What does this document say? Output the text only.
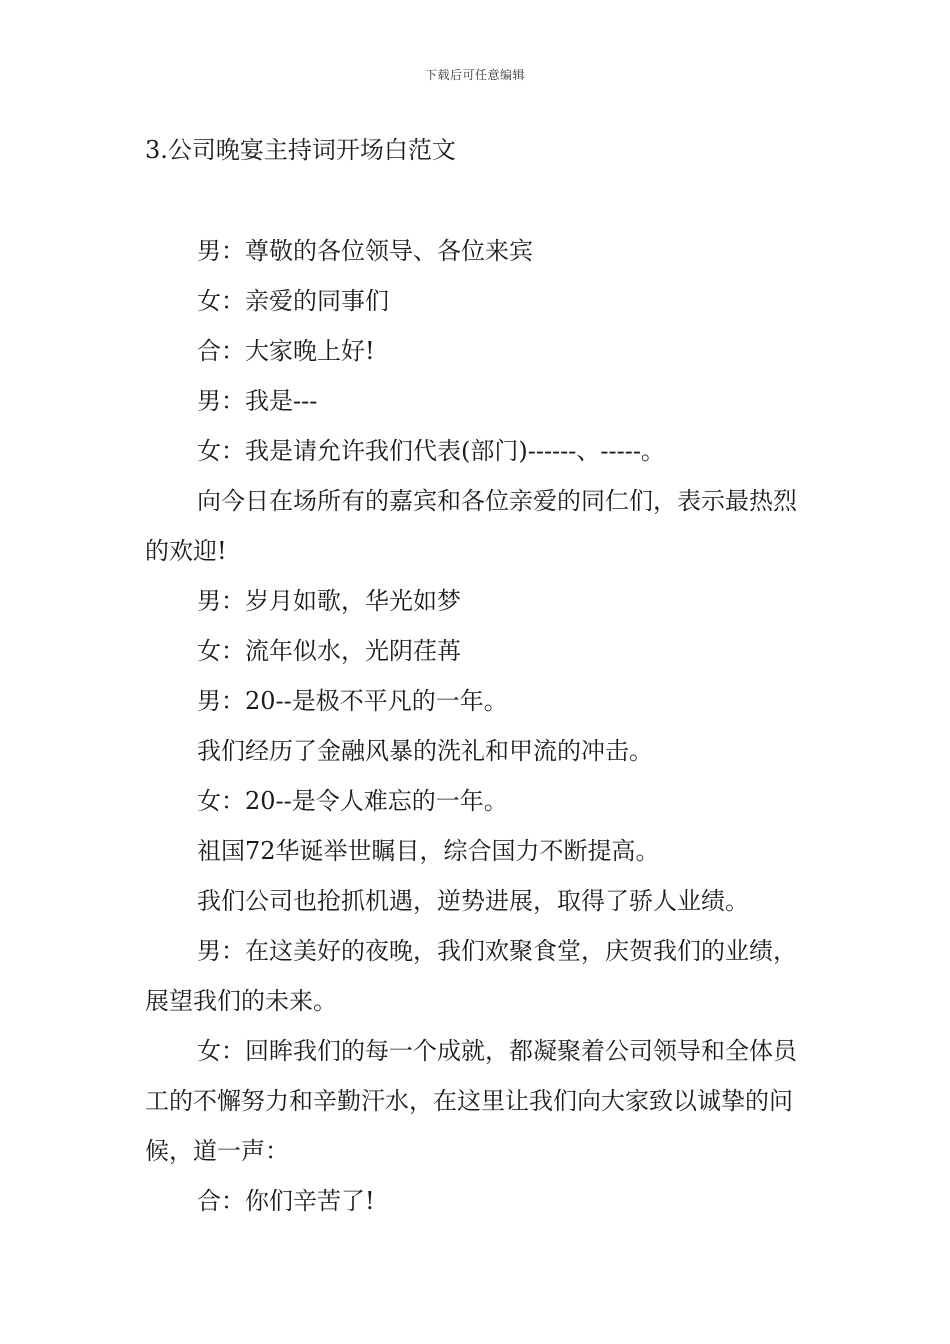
下载后可任意编辑
3.公司晚宴主持词开场白范文

男：尊敬的各位领导、各位来宾

女：亲爱的同事们

合：大家晚上好!

男：我是---

女：我是请允许我们代表(部门)------、-----。

向今日在场所有的嘉宾和各位亲爱的同仁们，表示最热烈的欢迎!

男：岁月如歌，华光如梦

女：流年似水，光阴荏苒

男：20--是极不平凡的一年。

我们经历了金融风暴的洗礼和甲流的冲击。

女：20--是令人难忘的一年。

祖国72华诞举世瞩目，综合国力不断提高。

我们公司也抢抓机遇，逆势进展，取得了骄人业绩。

男：在这美好的夜晚，我们欢聚食堂，庆贺我们的业绩，展望我们的未来。

女：回眸我们的每一个成就，都凝聚着公司领导和全体员工的不懈努力和辛勤汗水，在这里让我们向大家致以诚挚的问候，道一声：

合：你们辛苦了!
